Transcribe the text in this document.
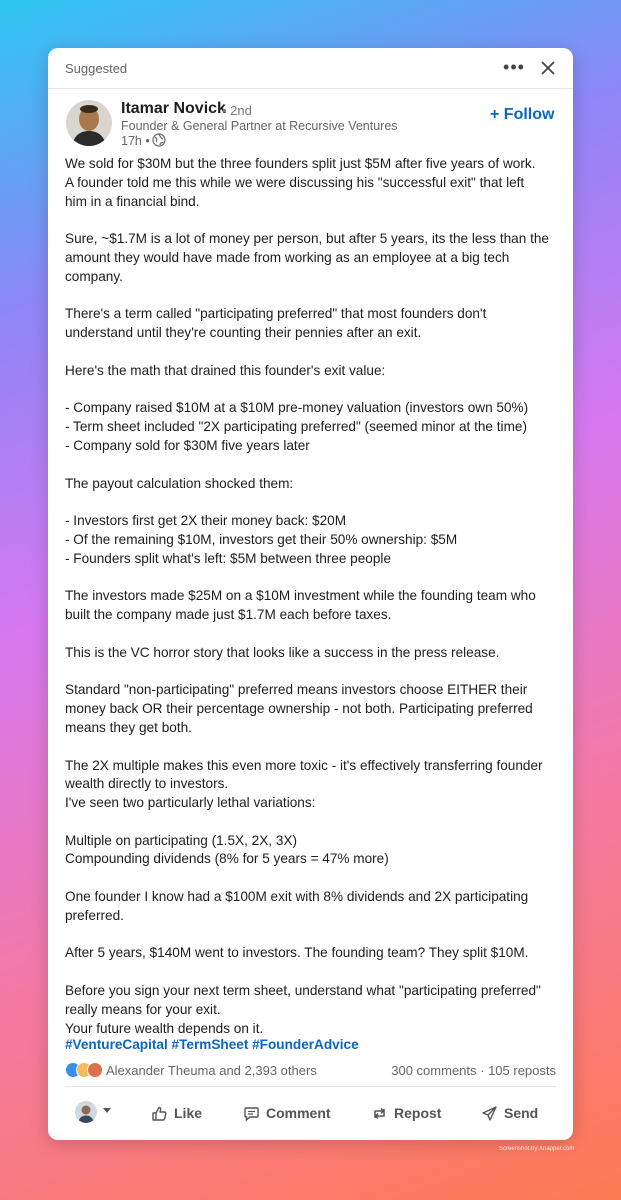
Suggested	•••
Itamar Novick
• 2nd
Founder & General Partner at Recursive Ventures
17h •
+ Follow

We sold for $30M but the three founders split just $5M after five years of work.
A founder told me this while we were discussing his "successful exit" that left
him in a financial bind.

Sure, ~$1.7M is a lot of money per person, but after 5 years, its the less than the
amount they would have made from working as an employee at a big tech
company.

There's a term called "participating preferred" that most founders don't
understand until they're counting their pennies after an exit.

Here's the math that drained this founder's exit value:

- Company raised $10M at a $10M pre-money valuation (investors own 50%)
- Term sheet included "2X participating preferred" (seemed minor at the time)
- Company sold for $30M five years later

The payout calculation shocked them:

- Investors first get 2X their money back: $20M
- Of the remaining $10M, investors get their 50% ownership: $5M
- Founders split what's left: $5M between three people

The investors made $25M on a $10M investment while the founding team who
built the company made just $1.7M each before taxes.

This is the VC horror story that looks like a success in the press release.

Standard "non-participating" preferred means investors choose EITHER their
money back OR their percentage ownership - not both. Participating preferred
means they get both.

The 2X multiple makes this even more toxic - it's effectively transferring founder
wealth directly to investors.
I've seen two particularly lethal variations:

Multiple on participating (1.5X, 2X, 3X)
Compounding dividends (8% for 5 years = 47% more)

One founder I know had a $100M exit with 8% dividends and 2X participating
preferred.

After 5 years, $140M went to investors. The founding team? They split $10M.

Before you sign your next term sheet, understand what "participating preferred"
really means for your exit.
Your future wealth depends on it.

#VentureCapital #TermSheet #FounderAdvice
Alexander Theuma and 2,393 others	300 comments · 105 reposts
Like	Comment	Repost	Send
Screenshot by Xnapper.com
